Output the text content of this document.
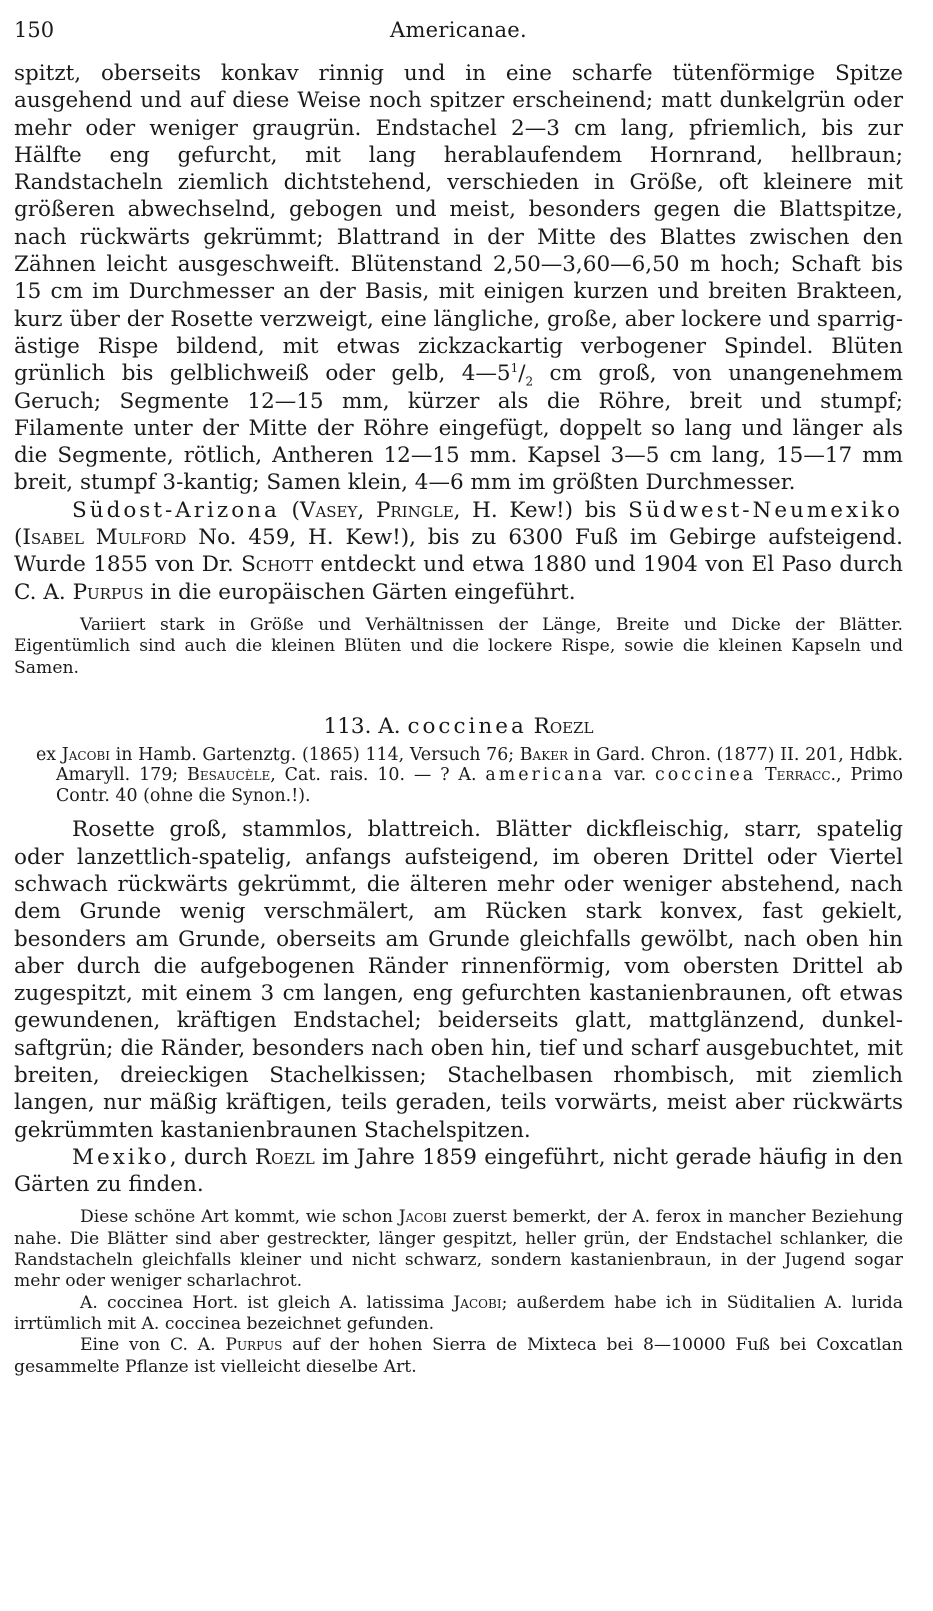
150	Americanae.

spitzt, oberseits konkav rinnig und in eine scharfe tütenförmige Spitze ausgehend und auf diese Weise noch spitzer erscheinend; matt dunkelgrün oder mehr oder weniger graugrün. Endstachel 2—3 cm lang, pfriemlich, bis zur Hälfte eng gefurcht, mit lang herablaufendem Hornrand, hellbraun; Randstacheln ziemlich dichtstehend, verschieden in Größe, oft kleinere mit größeren abwechselnd, gebogen und meist, besonders gegen die Blattspitze, nach rückwärts gekrümmt; Blattrand in der Mitte des Blattes zwischen den Zähnen leicht ausgeschweift. Blütenstand 2,50—3,60—6,50 m hoch; Schaft bis 15 cm im Durchmesser an der Basis, mit einigen kurzen und breiten Brakteen, kurz über der Rosette verzweigt, eine längliche, große, aber lockere und sparrig-ästige Rispe bildend, mit etwas zickzackartig verbogener Spindel. Blüten grünlich bis gelblichweiß oder gelb, $4—5^1/_2$ cm groß, von unangenehmem Geruch; Segmente 12—15 mm, kürzer als die Röhre, breit und stumpf; Filamente unter der Mitte der Röhre eingefügt, doppelt so lang und länger als die Segmente, rötlich, Antheren 12—15 mm. Kapsel 3—5 cm lang, 15—17 mm breit, stumpf 3-kantig; Samen klein, 4—6 mm im größten Durchmesser.

Südost-Arizona (Vasey, Pringle, H. Kew!) bis Südwest-Neumexiko (Isabel Mulford No. 459, H. Kew!), bis zu 6300 Fuß im Gebirge aufsteigend. Wurde 1855 von Dr. Schott entdeckt und etwa 1880 und 1904 von El Paso durch C. A. Purpus in die europäischen Gärten eingeführt.

Variiert stark in Größe und Verhältnissen der Länge, Breite und Dicke der Blätter. Eigentümlich sind auch die kleinen Blüten und die lockere Rispe, sowie die kleinen Kapseln und Samen.

113. A. coccinea Roezl

ex Jacobi in Hamb. Gartenztg. (1865) 114, Versuch 76; Baker in Gard. Chron. (1877) II. 201, Hdbk. Amaryll. 179; Besaucèle, Cat. rais. 10. — ? A. americana var. coccinea Terracc., Primo Contr. 40 (ohne die Synon.!).

Rosette groß, stammlos, blattreich. Blätter dickfleischig, starr, spatelig oder lanzettlich-spatelig, anfangs aufsteigend, im oberen Drittel oder Viertel schwach rückwärts gekrümmt, die älteren mehr oder weniger abstehend, nach dem Grunde wenig verschmälert, am Rücken stark konvex, fast gekielt, besonders am Grunde, oberseits am Grunde gleichfalls gewölbt, nach oben hin aber durch die aufgebogenen Ränder rinnenförmig, vom obersten Drittel ab zugespitzt, mit einem 3 cm langen, eng gefurchten kastanienbraunen, oft etwas gewundenen, kräftigen Endstachel; beiderseits glatt, mattglänzend, dunkel-saftgrün; die Ränder, besonders nach oben hin, tief und scharf ausgebuchtet, mit breiten, dreieckigen Stachelkissen; Stachelbasen rhombisch, mit ziemlich langen, nur mäßig kräftigen, teils geraden, teils vorwärts, meist aber rückwärts gekrümmten kastanienbraunen Stachelspitzen.

Mexiko, durch Roezl im Jahre 1859 eingeführt, nicht gerade häufig in den Gärten zu finden.

Diese schöne Art kommt, wie schon Jacobi zuerst bemerkt, der A. ferox in mancher Beziehung nahe. Die Blätter sind aber gestreckter, länger gespitzt, heller grün, der Endstachel schlanker, die Randstacheln gleichfalls kleiner und nicht schwarz, sondern kastanienbraun, in der Jugend sogar mehr oder weniger scharlachrot.

A. coccinea Hort. ist gleich A. latissima Jacobi; außerdem habe ich in Süditalien A. lurida irrtümlich mit A. coccinea bezeichnet gefunden.

Eine von C. A. Purpus auf der hohen Sierra de Mixteca bei 8—10000 Fuß bei Coxcatlan gesammelte Pflanze ist vielleicht dieselbe Art.
